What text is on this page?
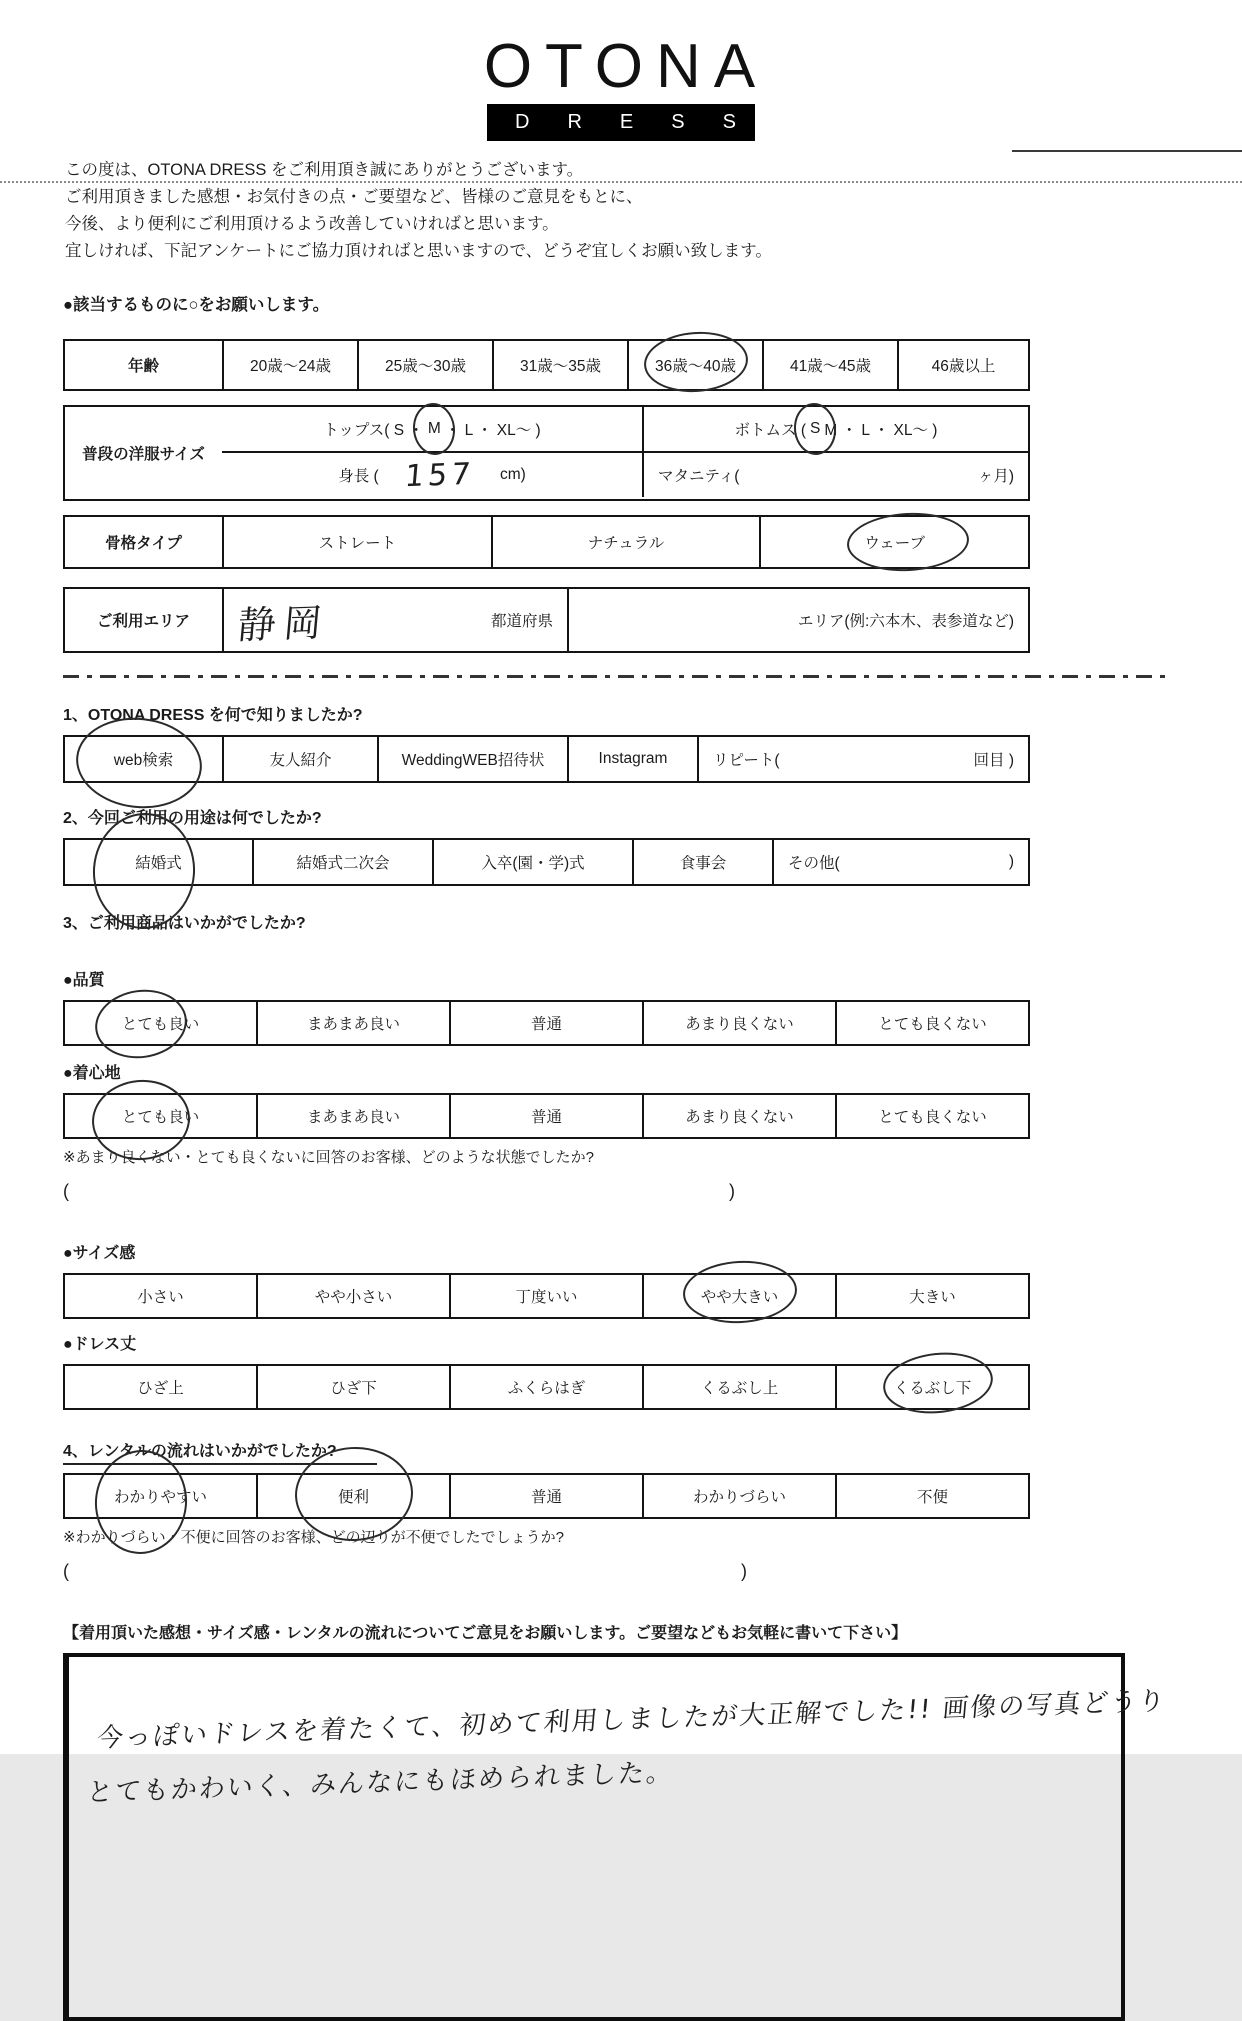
OTONA
DRESS
この度は、OTONA DRESS をご利用頂き誠にありがとうございます。
ご利用頂きました感想・お気付きの点・ご要望など、皆様のご意見をもとに、
今後、より便利にご利用頂けるよう改善していければと思います。
宜しければ、下記アンケートにご協力頂ければと思いますので、どうぞ宜しくお願い致します。
●該当するものに○をお願いします。
年齢	20歳〜24歳	25歳〜30歳	31歳〜35歳	36歳〜40歳	41歳〜45歳	46歳以上
普段の洋服サイズ
トップス( S ・ M ・ L ・ XL〜 )	ボトムス ( S M ・ L ・ XL〜 )
身長 ( 157 cm)	マタニティ(	ヶ月)
骨格タイプ	ストレート	ナチュラル	ウェーブ
ご利用エリア	静岡	都道府県	エリア(例:六本木、表参道など)
1、OTONA DRESS を何で知りましたか?
web検索	友人紹介	WeddingWEB招待状	Instagram	リピート(	回目 )
2、今回ご利用の用途は何でしたか?
結婚式	結婚式二次会	入卒(園・学)式	食事会	その他(	)
3、ご利用商品はいかがでしたか?
●品質
とても良い	まあまあ良い	普通	あまり良くない	とても良くない
●着心地
とても良い	まあまあ良い	普通	あまり良くない	とても良くない
※あまり良くない・とても良くないに回答のお客様、どのような状態でしたか?
(	)
●サイズ感
小さい	やや小さい	丁度いい	やや大きい	大きい
●ドレス丈
ひざ上	ひざ下	ふくらはぎ	くるぶし上	くるぶし下
4、レンタルの流れはいかがでしたか?
わかりやすい	便利	普通	わかりづらい	不便
※わかりづらい・不便に回答のお客様、どの辺りが不便でしたでしょうか?
(	)
【着用頂いた感想・サイズ感・レンタルの流れについてご意見をお願いします。ご要望などもお気軽に書いて下さい】
今っぽいドレスを着たくて、初めて利用しましたが大正解でした!! 画像の写真どうり とてもかわいく、みんなにもほめられました。
